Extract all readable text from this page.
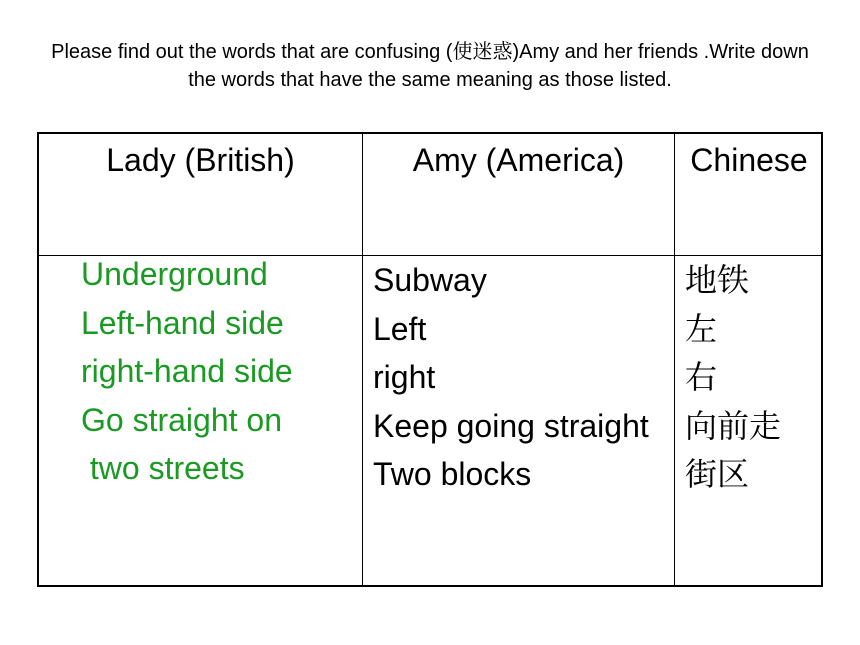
Please find out the words that are confusing (使迷惑)Amy and her friends .Write down the words that have the same meaning as those listed.
Lady (British)	Amy (America)	Chinese
Underground
Left-hand side
right-hand side
Go straight on
two streets
Subway
Left
right
Keep going straight
Two blocks
地铁
左
右
向前走
街区
